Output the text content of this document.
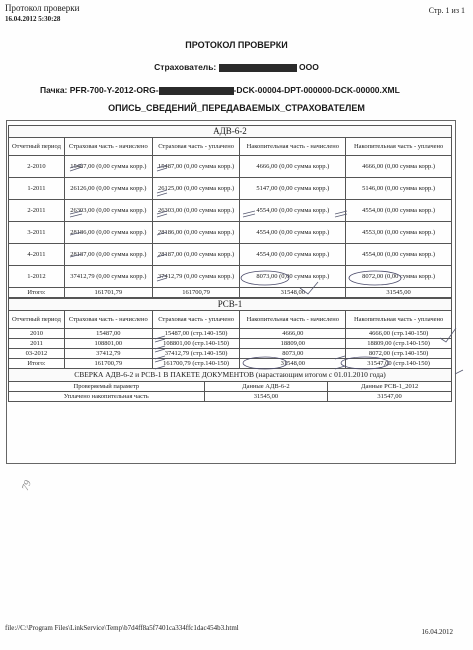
Протокол проверки
16.04.2012 5:30:28
Стр. 1 из 1
ПРОТОКОЛ ПРОВЕРКИ
Страхователь:	ООО
Пачка: PFR-700-Y-2012-ORG-	-DCK-00004-DPT-000000-DCK-00000.XML
ОПИСЬ_СВЕДЕНИЙ_ПЕРЕДАВАЕМЫХ_СТРАХОВАТЕЛЕМ
АДВ-6-2				
Отчетный период	Страховая часть - начислено	Страховая часть - уплачено	Накопительная часть - начислено	Накопительная часть - уплачено
2-2010	15487,00 (0,00 сумма корр.)	15487,00 (0,00 сумма корр.)	4666,00 (0,00 сумма корр.)	4666,00 (0,00 сумма корр.)
1-2011	26126,00 (0,00 сумма корр.)	26125,00 (0,00 сумма корр.)	5147,00 (0,00 сумма корр.)	5146,00 (0,00 сумма корр.)
2-2011	26303,00 (0,00 сумма корр.)	26303,00 (0,00 сумма корр.)	4554,00 (0,00 сумма корр.)	4554,00 (0,00 сумма корр.)
3-2011	28186,00 (0,00 сумма корр.)	28186,00 (0,00 сумма корр.)	4554,00 (0,00 сумма корр.)	4553,00 (0,00 сумма корр.)
4-2011	28187,00 (0,00 сумма корр.)	28187,00 (0,00 сумма корр.)	4554,00 (0,00 сумма корр.)	4554,00 (0,00 сумма корр.)
1-2012	37412,79 (0,00 сумма корр.)	37412,79 (0,00 сумма корр.)	8073,00 (0,00 сумма корр.)	8072,00 (0,00 сумма корр.)
Итого:	161701,79	161700,79	31548,00	31545,00
РСВ-1				
Отчетный период	Страховая часть - начислено	Страховая часть - уплачено	Накопительная часть - начислено	Накопительная часть - уплачено
2010	15487,00	15487,00 (стр.140-150)	4666,00	4666,00 (стр.140-150)
2011	108801,00	108801,00 (стр.140-150)	18809,00	18809,00 (стр.140-150)
03-2012	37412,79	37412,79 (стр.140-150)	8073,00	8072,00 (стр.140-150)
Итого:	161700,79	161700,79 (стр.140-150)	31548,00	31547,00 (стр.140-150)
СВЕРКА АДВ-6-2 и РСВ-1 В ПАКЕТЕ ДОКУМЕНТОВ (нарастающим итогом с 01.01.2010 года)		
Проверяемый параметр	Данные АДВ-6-2	Данные РСВ-1_2012
Уплачено накопительная часть	31545,00	31547,00
79
file://C:\Program Files\LinkService\Temp\b7d4ff8a5f7401ca334ffc1dac454b3.html	16.04.2012
